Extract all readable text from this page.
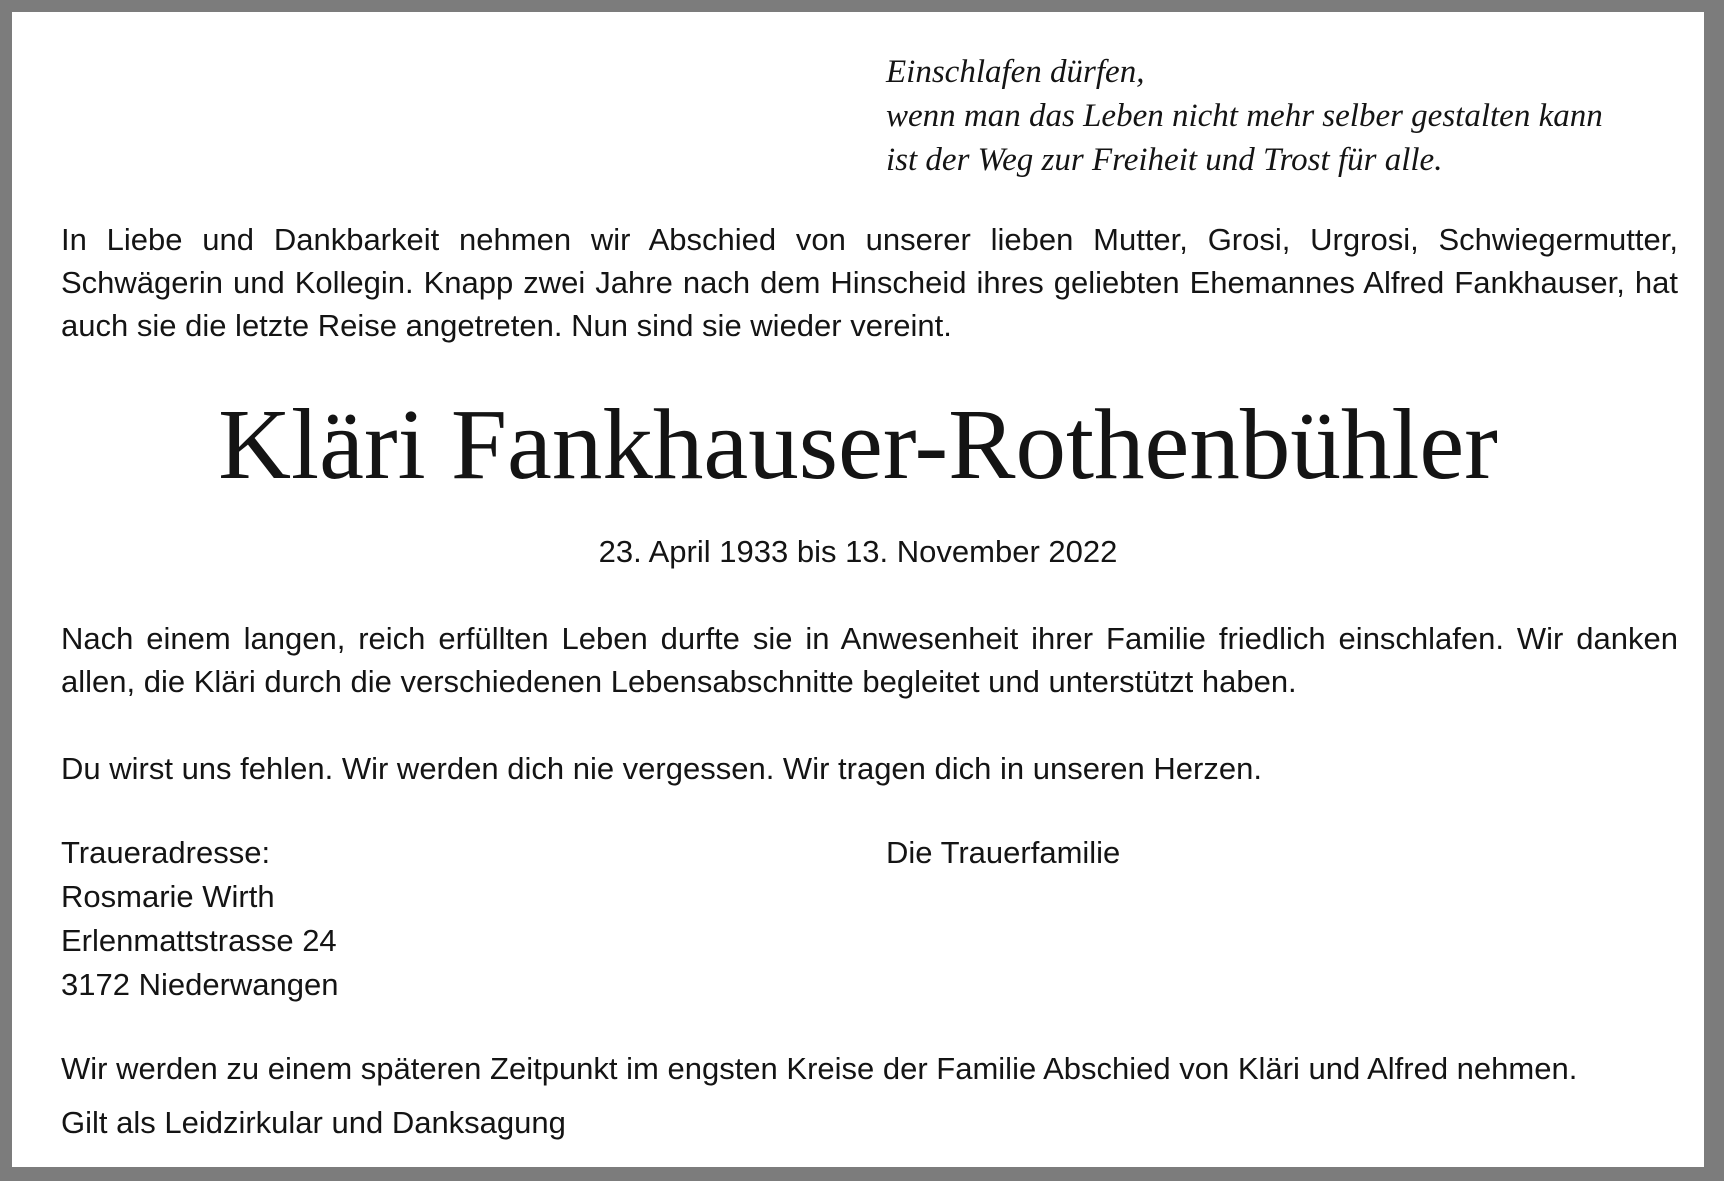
Einschlafen dürfen,
wenn man das Leben nicht mehr selber gestalten kann
ist der Weg zur Freiheit und Trost für alle.
In Liebe und Dankbarkeit nehmen wir Abschied von unserer lieben Mutter, Grosi, Urgrosi, Schwiegermutter, Schwägerin und Kollegin. Knapp zwei Jahre nach dem Hinscheid ihres geliebten Ehemannes Alfred Fankhauser, hat auch sie die letzte Reise angetreten. Nun sind sie wieder vereint.
Kläri Fankhauser-Rothenbühler
23. April 1933 bis 13. November 2022
Nach einem langen, reich erfüllten Leben durfte sie in Anwesenheit ihrer Familie friedlich einschlafen. Wir danken allen, die Kläri durch die verschiedenen Lebensabschnitte begleitet und unterstützt haben.
Du wirst uns fehlen. Wir werden dich nie vergessen. Wir tragen dich in unseren Herzen.
Traueradresse:
Rosmarie Wirth
Erlenmattstrasse 24
3172 Niederwangen
Die Trauerfamilie
Wir werden zu einem späteren Zeitpunkt im engsten Kreise der Familie Abschied von Kläri und Alfred nehmen.
Gilt als Leidzirkular und Danksagung
